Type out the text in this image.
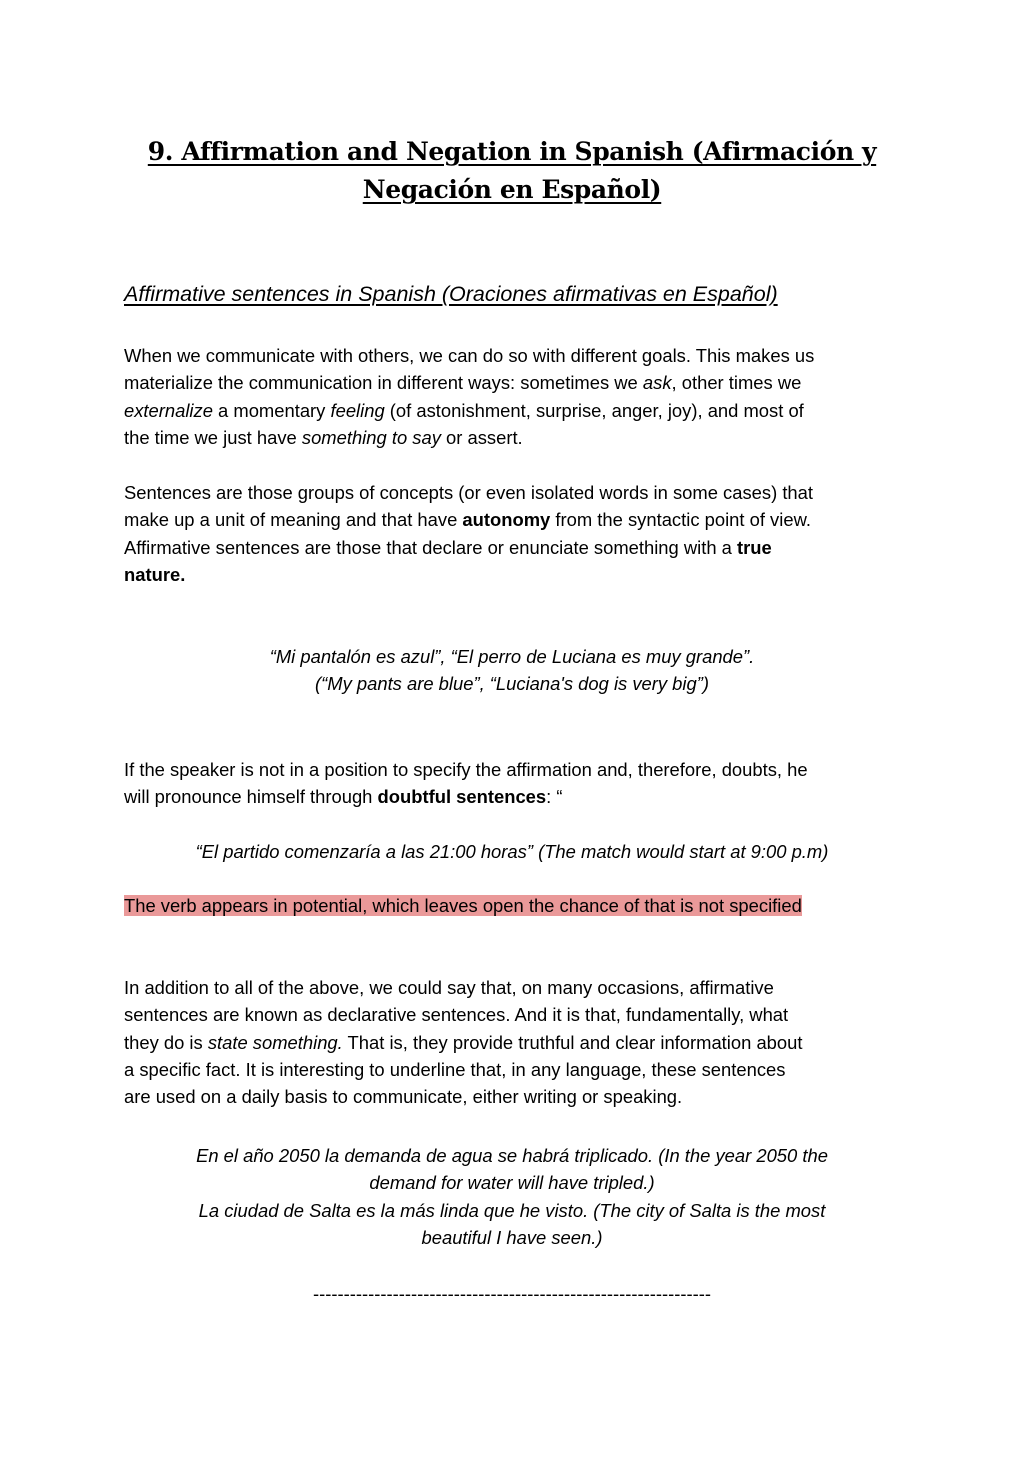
9. Affirmation and Negation in Spanish (Afirmación y
Negación en Español)
Affirmative sentences in Spanish (Oraciones afirmativas en Español)
When we communicate with others, we can do so with different goals. This makes us
materialize the communication in different ways: sometimes we ask, other times we
externalize a momentary feeling (of astonishment, surprise, anger, joy), and most of
the time we just have something to say or assert.
Sentences are those groups of concepts (or even isolated words in some cases) that
make up a unit of meaning and that have autonomy from the syntactic point of view.
Affirmative sentences are those that declare or enunciate something with a true
nature.
“Mi pantalón es azul”, “El perro de Luciana es muy grande”.
(“My pants are blue”, “Luciana's dog is very big”)
If the speaker is not in a position to specify the affirmation and, therefore, doubts, he
will pronounce himself through doubtful sentences: “
“El partido comenzaría a las 21:00 horas” (The match would start at 9:00 p.m)
The verb appears in potential, which leaves open the chance of that is not specified
In addition to all of the above, we could say that, on many occasions, affirmative
sentences are known as declarative sentences. And it is that, fundamentally, what
they do is state something. That is, they provide truthful and clear information about
a specific fact. It is interesting to underline that, in any language, these sentences
are used on a daily basis to communicate, either writing or speaking.
En el año 2050 la demanda de agua se habrá triplicado. (In the year 2050 the
demand for water will have tripled.)
La ciudad de Salta es la más linda que he visto. (The city of Salta is the most
beautiful I have seen.)
-----------------------------------------------------------------
